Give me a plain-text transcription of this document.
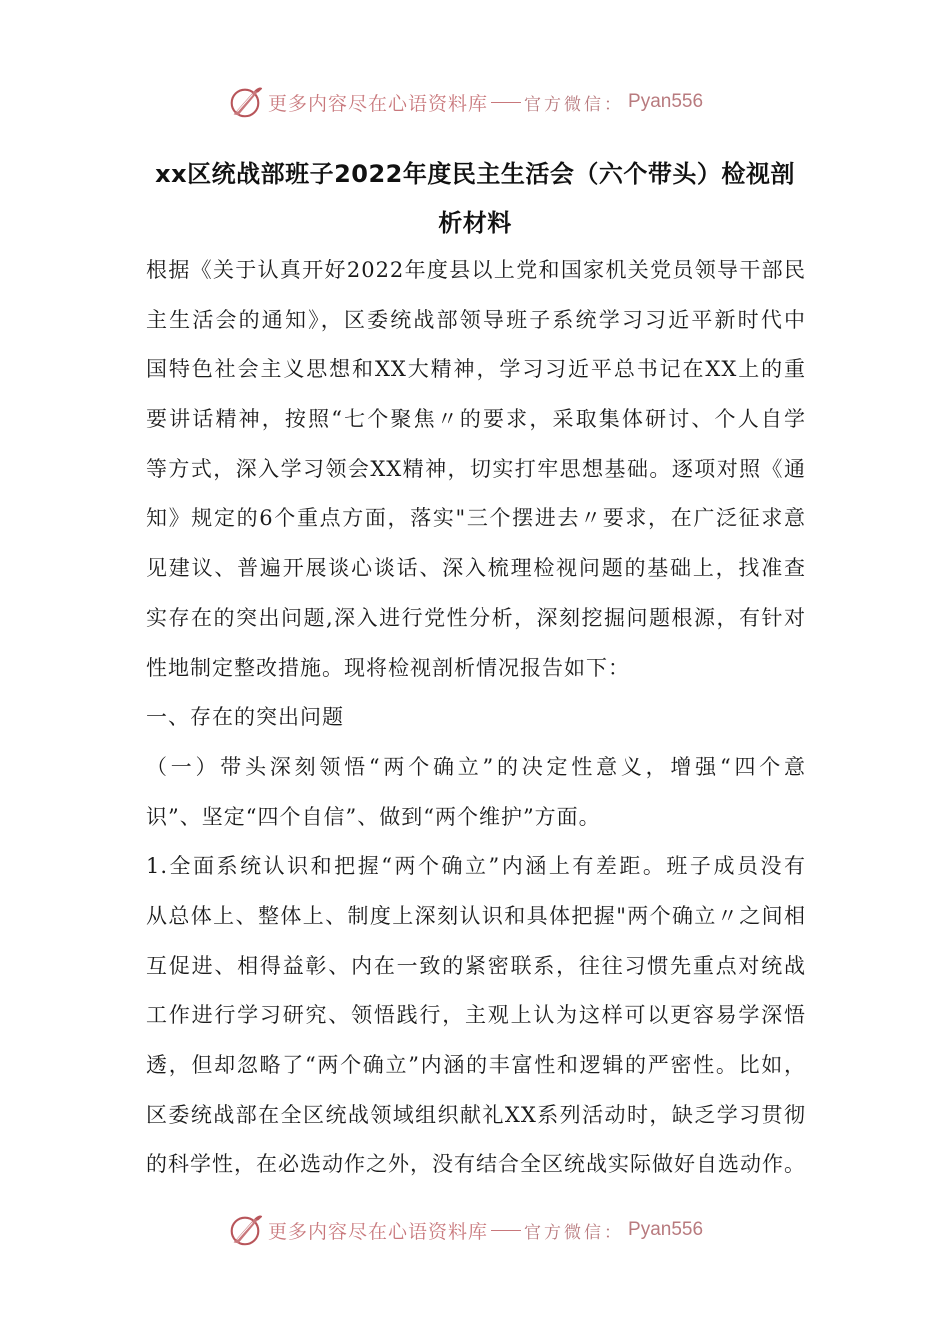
更多内容尽在心语资料库 官方微信： Pyan556
xx区统战部班子2022年度民主生活会（六个带头）检视剖
析材料
根据《关于认真开好2022年度县以上党和国家机关党员领导干部民
主生活会的通知》，区委统战部领导班子系统学习习近平新时代中
国特色社会主义思想和XX大精神，学习习近平总书记在XX上的重
要讲话精神，按照“七个聚焦〃的要求，采取集体研讨、个人自学
等方式，深入学习领会XX精神，切实打牢思想基础。逐项对照《通
知》规定的6个重点方面，落实"三个摆进去〃要求，在广泛征求意
见建议、普遍开展谈心谈话、深入梳理检视问题的基础上，找准查
实存在的突出问题,深入进行党性分析，深刻挖掘问题根源，有针对
性地制定整改措施。现将检视剖析情况报告如下：
一、存在的突出问题
（一）带头深刻领悟“两个确立”的决定性意义，增强“四个意
识”、坚定“四个自信”、做到“两个维护”方面。
1.全面系统认识和把握“两个确立”内涵上有差距。班子成员没有
从总体上、整体上、制度上深刻认识和具体把握"两个确立〃之间相
互促进、相得益彰、内在一致的紧密联系，往往习惯先重点对统战
工作进行学习研究、领悟践行，主观上认为这样可以更容易学深悟
透，但却忽略了“两个确立”内涵的丰富性和逻辑的严密性。比如，
区委统战部在全区统战领域组织献礼XX系列活动时，缺乏学习贯彻
的科学性，在必选动作之外，没有结合全区统战实际做好自选动作。
更多内容尽在心语资料库 官方微信： Pyan556
